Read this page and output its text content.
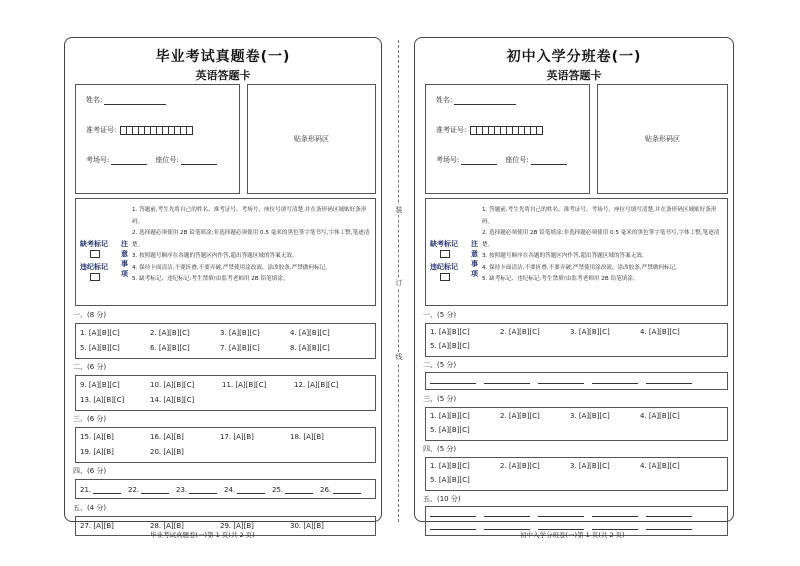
毕业考试真题卷(一)
英语答题卡
姓名:
准考证号:
考场号:	座位号:
贴条形码区
缺考标记
违纪标记
注意事项

1. 答题前,考生先将自己的姓名、准考证号、考场号、座位号填写清楚,并在条形码区域贴好条形码。

2. 选择题必须使用 2B 铅笔填涂;非选择题必须使用 0.5 毫米的黑色签字笔书写,字体工整,笔迹清楚。

3. 按照题号顺序在各题的答题区内作答,超出答题区域的答案无效。

4. 保持卡面清洁,不要折叠,不要弄破,严禁使用涂改液、涂改胶条,严禁做何标记。

5. 缺考标记、违纪标记:考生禁填!由监考老师用 2B 铅笔填涂。

一、(8 分)
1. [A][B][C]	2. [A][B][C]	3. [A][B][C]	4. [A][B][C]
5. [A][B][C]	6. [A][B][C]	7. [A][B][C]	8. [A][B][C]
二、(6 分)
9. [A][B][C]	10. [A][B][C]	11. [A][B][C]	12. [A][B][C]
13. [A][B][C]	14. [A][B][C]
三、(6 分)
15. [A][B]	16. [A][B]	17. [A][B]	18. [A][B]
19. [A][B]	20. [A][B]
四、(6 分)
21.	22.	23.	24.	25.	26.
五、(4 分)
27. [A][B]	28. [A][B]	29. [A][B]	30. [A][B]
初中入学分班卷(一)
英语答题卡
姓名:
准考证号:
考场号:	座位号:
贴条形码区
缺考标记
违纪标记
注意事项

1. 答题前,考生先将自己的姓名、准考证号、考场号、座位号填写清楚,并在条形码区域贴好条形码。

2. 选择题必须使用 2B 铅笔填涂;非选择题必须使用 0.5 毫米的黑色签字笔书写,字体工整,笔迹清楚。

3. 按照题号顺序在各题的答题区内作答,超出答题区域的答案无效。

4. 保持卡面清洁,不要折叠,不要弄破,严禁使用涂改液、涂改胶条,严禁做何标记。

5. 缺考标记、违纪标记:考生禁填!由监考老师用 2B 铅笔填涂。

一、(5 分)
1. [A][B][C]	2. [A][B][C]	3. [A][B][C]	4. [A][B][C]
5. [A][B][C]
二、(5 分)
三、(5 分)
1. [A][B][C]	2. [A][B][C]	3. [A][B][C]	4. [A][B][C]
5. [A][B][C]
四、(5 分)
1. [A][B][C]	2. [A][B][C]	3. [A][B][C]	4. [A][B][C]
5. [A][B][C]
五、(10 分)
装
订
线
毕业考试真题卷(一)第 1 页(共 2 页)	初中入学分班卷(一)第 1 页(共 2 页)
